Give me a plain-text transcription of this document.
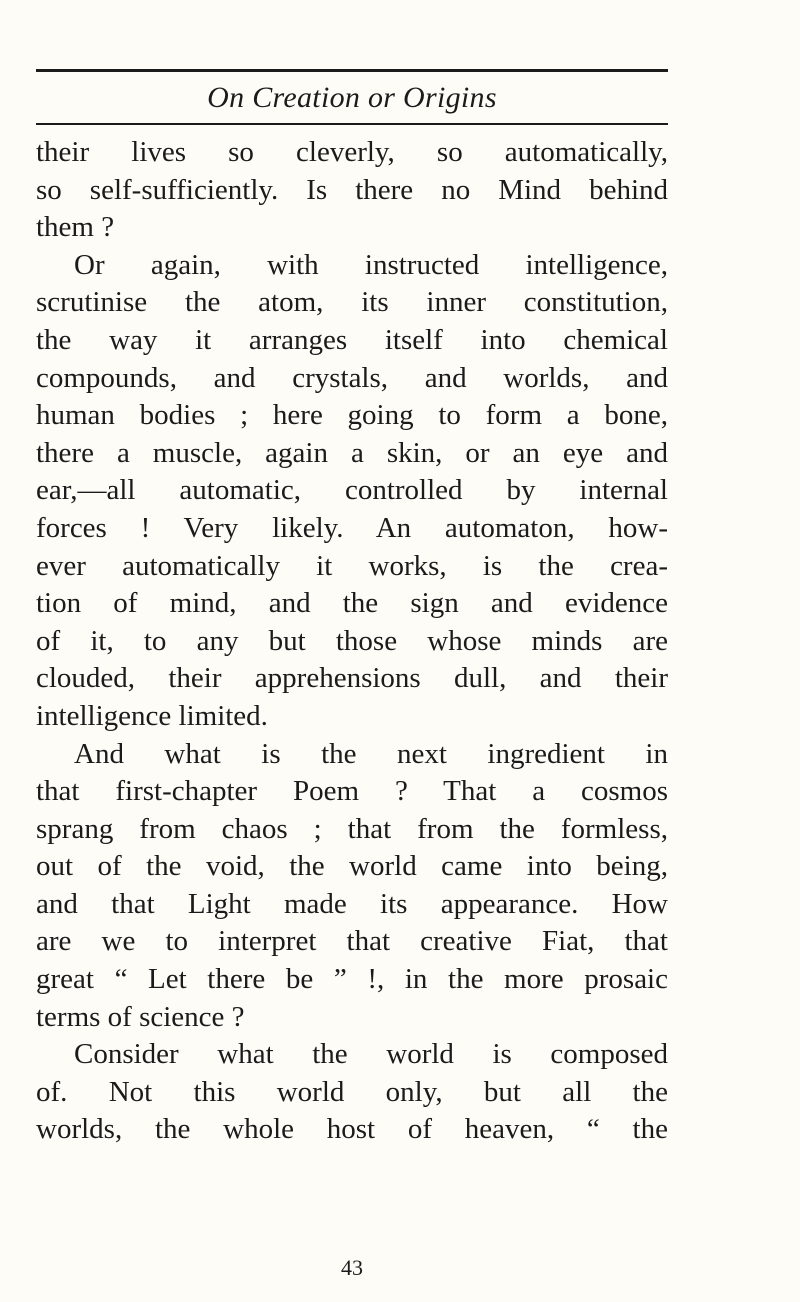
On Creation or Origins
their lives so cleverly, so automatically,
so self-sufficiently. Is there no Mind behind
them ?
Or again, with instructed intelligence,
scrutinise the atom, its inner constitution,
the way it arranges itself into chemical
compounds, and crystals, and worlds, and
human bodies ; here going to form a bone,
there a muscle, again a skin, or an eye and
ear,—all automatic, controlled by internal
forces ! Very likely. An automaton, how-
ever automatically it works, is the crea-
tion of mind, and the sign and evidence
of it, to any but those whose minds are
clouded, their apprehensions dull, and their
intelligence limited.
And what is the next ingredient in
that first-chapter Poem ? That a cosmos
sprang from chaos ; that from the formless,
out of the void, the world came into being,
and that Light made its appearance. How
are we to interpret that creative Fiat, that
great “ Let there be ” !, in the more prosaic
terms of science ?
Consider what the world is composed
of. Not this world only, but all the
worlds, the whole host of heaven, “ the
43
